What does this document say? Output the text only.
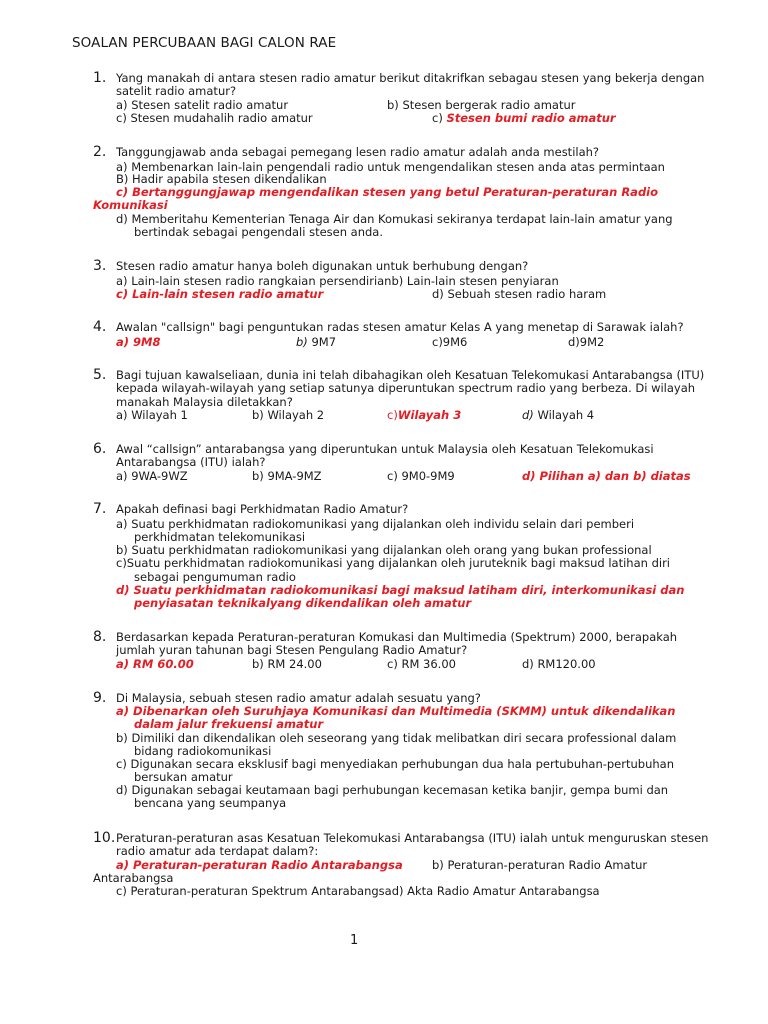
SOALAN PERCUBAAN BAGI CALON RAE
1. Yang manakah di antara stesen radio amatur berikut ditakrifkan sebagau stesen yang bekerja dengan
satelit radio amatur?
a) Stesen satelit radio amatur	b) Stesen bergerak radio amatur
c) Stesen mudahalih radio amatur	c) Stesen bumi radio amatur
2. Tanggungjawab anda sebagai pemegang lesen radio amatur adalah anda mestilah?
a) Membenarkan lain-lain pengendali radio untuk mengendalikan stesen anda atas permintaan
B) Hadir apabila stesen dikendalikan
c) Bertanggungjawap mengendalikan stesen yang betul Peraturan-peraturan Radio
Komunikasi
d) Memberitahu Kementerian Tenaga Air dan Komukasi sekiranya terdapat lain-lain amatur yang
bertindak sebagai pengendali stesen anda.
3. Stesen radio amatur hanya boleh digunakan untuk berhubung dengan?
a) Lain-lain stesen radio rangkaian persendirianb) Lain-lain stesen penyiaran
c) Lain-lain stesen radio amatur	d) Sebuah stesen radio haram
4. Awalan "callsign" bagi penguntukan radas stesen amatur Kelas A yang menetap di Sarawak ialah?
a) 9M8	b) 9M7	c)9M6	d)9M2
5. Bagi tujuan kawalseliaan, dunia ini telah dibahagikan oleh Kesatuan Telekomukasi Antarabangsa (ITU)
kepada wilayah-wilayah yang setiap satunya diperuntukan spectrum radio yang berbeza. Di wilayah
manakah Malaysia diletakkan?
a) Wilayah 1	b) Wilayah 2	c)Wilayah 3	d) Wilayah 4
6. Awal “callsign” antarabangsa yang diperuntukan untuk Malaysia oleh Kesatuan Telekomukasi
Antarabangsa (ITU) ialah?
a) 9WA-9WZ	b) 9MA-9MZ	c) 9M0-9M9	d) Pilihan a) dan b) diatas
7. Apakah definasi bagi Perkhidmatan Radio Amatur?
a) Suatu perkhidmatan radiokomunikasi yang dijalankan oleh individu selain dari pemberi
perkhidmatan telekomunikasi
b) Suatu perkhidmatan radiokomunikasi yang dijalankan oleh orang yang bukan professional
c)Suatu perkhidmatan radiokomunikasi yang dijalankan oleh juruteknik bagi maksud latihan diri
sebagai pengumuman radio
d) Suatu perkhidmatan radiokomunikasi bagi maksud latiham diri, interkomunikasi dan
penyiasatan teknikalyang dikendalikan oleh amatur
8. Berdasarkan kepada Peraturan-peraturan Komukasi dan Multimedia (Spektrum) 2000, berapakah
jumlah yuran tahunan bagi Stesen Pengulang Radio Amatur?
a) RM 60.00	b) RM 24.00	c) RM 36.00	d) RM120.00
9. Di Malaysia, sebuah stesen radio amatur adalah sesuatu yang?
a) Dibenarkan oleh Suruhjaya Komunikasi dan Multimedia (SKMM) untuk dikendalikan
dalam jalur frekuensi amatur
b) Dimiliki dan dikendalikan oleh seseorang yang tidak melibatkan diri secara professional dalam
bidang radiokomunikasi
c) Digunakan secara eksklusif bagi menyediakan perhubungan dua hala pertubuhan-pertubuhan
bersukan amatur
d) Digunakan sebagai keutamaan bagi perhubungan kecemasan ketika banjir, gempa bumi dan
bencana yang seumpanya
10. Peraturan-peraturan asas Kesatuan Telekomukasi Antarabangsa (ITU) ialah untuk menguruskan stesen
radio amatur ada terdapat dalam?:
a) Peraturan-peraturan Radio Antarabangsa	b) Peraturan-peraturan Radio Amatur
Antarabangsa
c) Peraturan-peraturan Spektrum Antarabangsad) Akta Radio Amatur Antarabangsa
1
